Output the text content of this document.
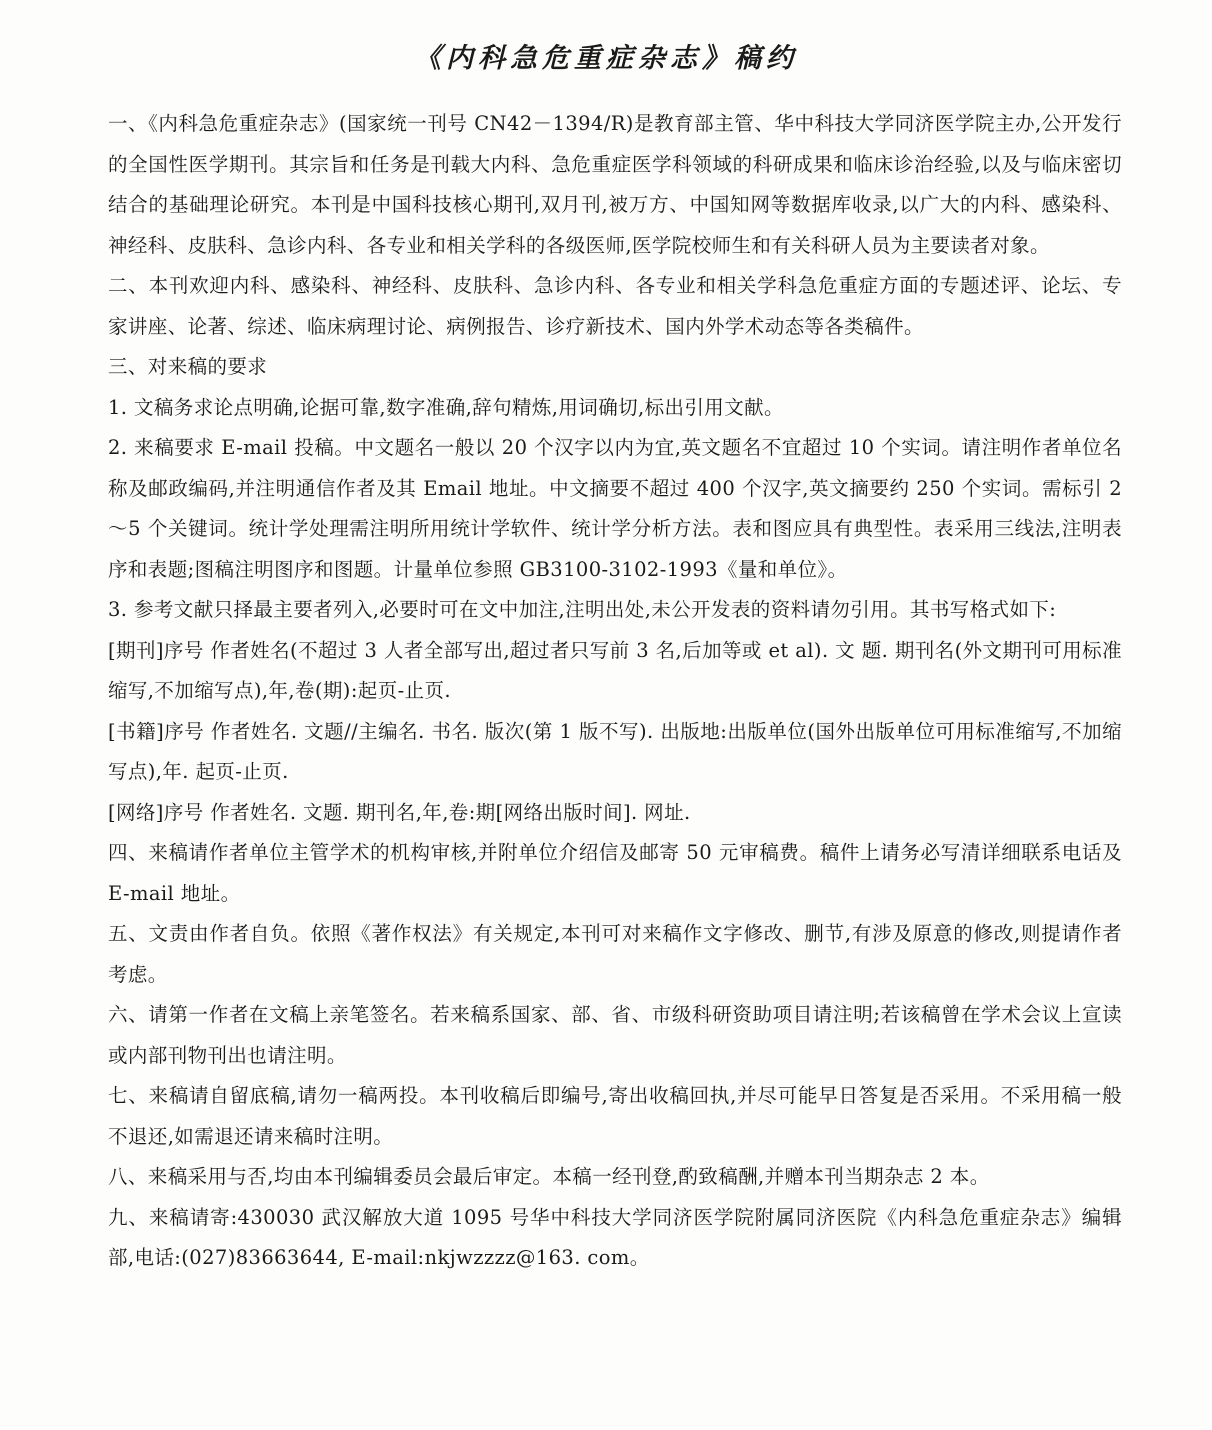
《内科急危重症杂志》稿约

一、《内科急危重症杂志》(国家统一刊号 CN42－1394/R)是教育部主管、华中科技大学同济医学院主办,公开发行的全国性医学期刊。其宗旨和任务是刊载大内科、急危重症医学科领域的科研成果和临床诊治经验,以及与临床密切结合的基础理论研究。本刊是中国科技核心期刊,双月刊,被万方、中国知网等数据库收录,以广大的内科、感染科、神经科、皮肤科、急诊内科、各专业和相关学科的各级医师,医学院校师生和有关科研人员为主要读者对象。

二、本刊欢迎内科、感染科、神经科、皮肤科、急诊内科、各专业和相关学科急危重症方面的专题述评、论坛、专家讲座、论著、综述、临床病理讨论、病例报告、诊疗新技术、国内外学术动态等各类稿件。

三、对来稿的要求

1. 文稿务求论点明确,论据可靠,数字准确,辞句精炼,用词确切,标出引用文献。

2. 来稿要求 E-mail 投稿。中文题名一般以 20 个汉字以内为宜,英文题名不宜超过 10 个实词。请注明作者单位名称及邮政编码,并注明通信作者及其 Email 地址。中文摘要不超过 400 个汉字,英文摘要约 250 个实词。需标引 2～5 个关键词。统计学处理需注明所用统计学软件、统计学分析方法。表和图应具有典型性。表采用三线法,注明表序和表题;图稿注明图序和图题。计量单位参照 GB3100-3102-1993《量和单位》。

3. 参考文献只择最主要者列入,必要时可在文中加注,注明出处,未公开发表的资料请勿引用。其书写格式如下:

[期刊]序号 作者姓名(不超过 3 人者全部写出,超过者只写前 3 名,后加等或 et al). 文 题. 期刊名(外文期刊可用标准缩写,不加缩写点),年,卷(期):起页-止页.

[书籍]序号 作者姓名. 文题//主编名. 书名. 版次(第 1 版不写). 出版地:出版单位(国外出版单位可用标准缩写,不加缩写点),年. 起页-止页.

[网络]序号 作者姓名. 文题. 期刊名,年,卷:期[网络出版时间]. 网址.

四、来稿请作者单位主管学术的机构审核,并附单位介绍信及邮寄 50 元审稿费。稿件上请务必写清详细联系电话及 E-mail 地址。

五、文责由作者自负。依照《著作权法》有关规定,本刊可对来稿作文字修改、删节,有涉及原意的修改,则提请作者考虑。

六、请第一作者在文稿上亲笔签名。若来稿系国家、部、省、市级科研资助项目请注明;若该稿曾在学术会议上宣读或内部刊物刊出也请注明。

七、来稿请自留底稿,请勿一稿两投。本刊收稿后即编号,寄出收稿回执,并尽可能早日答复是否采用。不采用稿一般不退还,如需退还请来稿时注明。

八、来稿采用与否,均由本刊编辑委员会最后审定。本稿一经刊登,酌致稿酬,并赠本刊当期杂志 2 本。

九、来稿请寄:430030 武汉解放大道 1095 号华中科技大学同济医学院附属同济医院《内科急危重症杂志》编辑部,电话:(027)83663644, E-mail:nkjwzzzz@163. com。
